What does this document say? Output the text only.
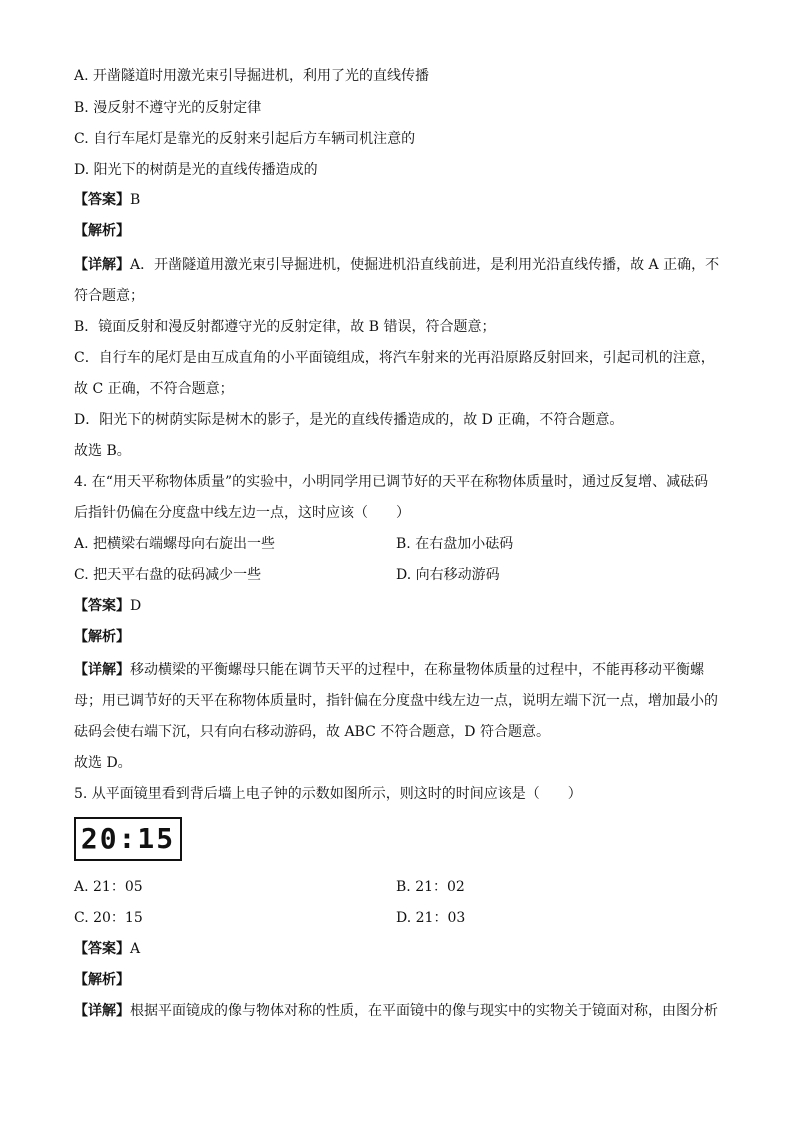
A. 开凿隧道时用激光束引导掘进机，利用了光的直线传播
B. 漫反射不遵守光的反射定律
C. 自行车尾灯是靠光的反射来引起后方车辆司机注意的
D. 阳光下的树荫是光的直线传播造成的
【答案】B
【解析】
【详解】A．开凿隧道用激光束引导掘进机，使掘进机沿直线前进，是利用光沿直线传播，故 A 正确，不
符合题意；
B．镜面反射和漫反射都遵守光的反射定律，故 B 错误，符合题意；
C．自行车的尾灯是由互成直角的小平面镜组成，将汽车射来的光再沿原路反射回来，引起司机的注意，
故 C 正确，不符合题意；
D．阳光下的树荫实际是树木的影子，是光的直线传播造成的，故 D 正确，不符合题意。
故选 B。
4. 在“用天平称物体质量”的实验中，小明同学用已调节好的天平在称物体质量时，通过反复增、减砝码
后指针仍偏在分度盘中线左边一点，这时应该（　　）
A. 把横梁右端螺母向右旋出一些	B. 在右盘加小砝码
C. 把天平右盘的砝码减少一些	D. 向右移动游码
【答案】D
【解析】
【详解】移动横梁的平衡螺母只能在调节天平的过程中，在称量物体质量的过程中，不能再移动平衡螺
母；用已调节好的天平在称物体质量时，指针偏在分度盘中线左边一点，说明左端下沉一点，增加最小的
砝码会使右端下沉，只有向右移动游码，故 ABC 不符合题意，D 符合题意。
故选 D。
5. 从平面镜里看到背后墙上电子钟的示数如图所示，则这时的时间应该是（　　）
20:15
A. 21：05	B. 21：02
C. 20：15	D. 21：03
【答案】A
【解析】
【详解】根据平面镜成的像与物体对称的性质，在平面镜中的像与现实中的实物关于镜面对称，由图分析
